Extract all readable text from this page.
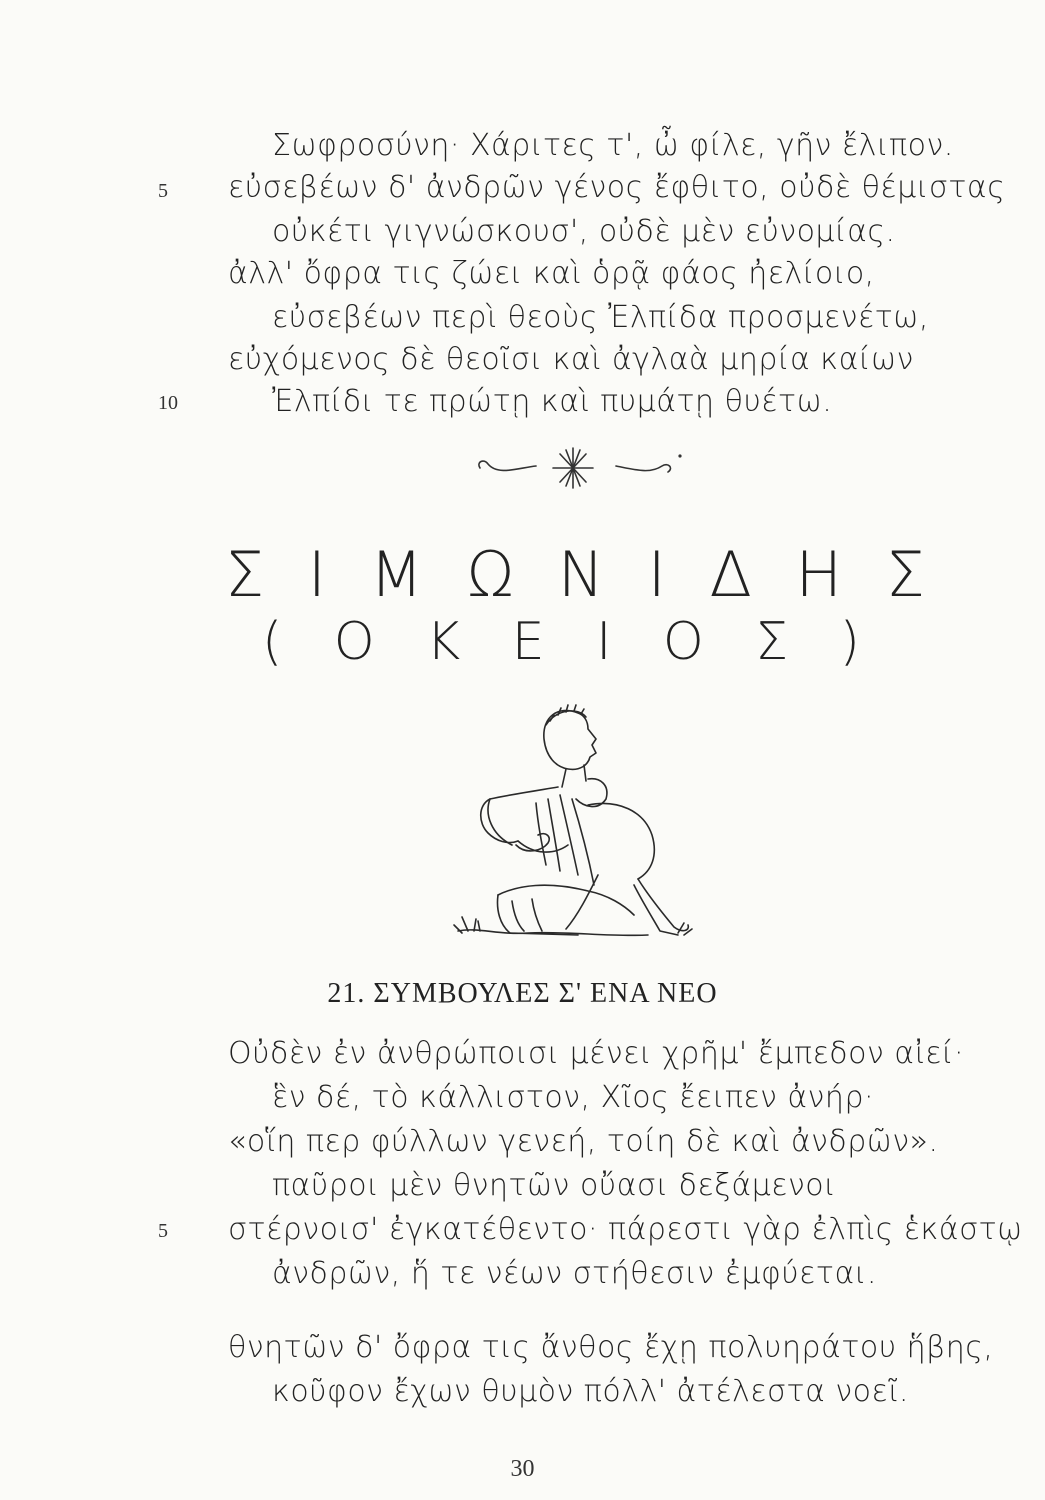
Σωφροσύνη· Χάριτες τ', ὦ φίλε, γῆν ἔλιπον.
5 εὐσεβέων δ' ἀνδρῶν γένος ἔφθιτο, οὐδὲ θέμιστας
οὐκέτι γιγνώσκουσ', οὐδὲ μὲν εὐνομίας.
ἀλλ' ὄφρα τις ζώει καὶ ὁρᾷ φάος ἠελίοιο,
εὐσεβέων περὶ θεοὺς Ἐλπίδα προσμενέτω,
εὐχόμενος δὲ θεοῖσι καὶ ἀγλαὰ μηρία καίων
10	Ἐλπίδι τε πρώτῃ καὶ πυμάτῃ θυέτω.
Σ Ι Μ Ω Ν Ι Δ Η Σ
( Ο Κ Ε Ι Ο Σ )
21. ΣΥΜΒΟΥΛΕΣ Σ' ΕΝΑ ΝΕΟ
Οὐδὲν ἐν ἀνθρώποισι μένει χρῆμ' ἔμπεδον αἰεί·
ἓν δέ, τὸ κάλλιστον, Χῖος ἔειπεν ἀνήρ·
«οἵη περ φύλλων γενεή, τοίη δὲ καὶ ἀνδρῶν».
παῦροι μὲν θνητῶν οὔασι δεξάμενοι
5 στέρνοισ' ἐγκατέθεντο· πάρεστι γὰρ ἐλπὶς ἑκάστῳ
ἀνδρῶν, ἥ τε νέων στήθεσιν ἐμφύεται.
θνητῶν δ' ὄφρα τις ἄνθος ἔχῃ πολυηράτου ἥβης,
κοῦφον ἔχων θυμὸν πόλλ' ἀτέλεστα νοεῖ.
30
